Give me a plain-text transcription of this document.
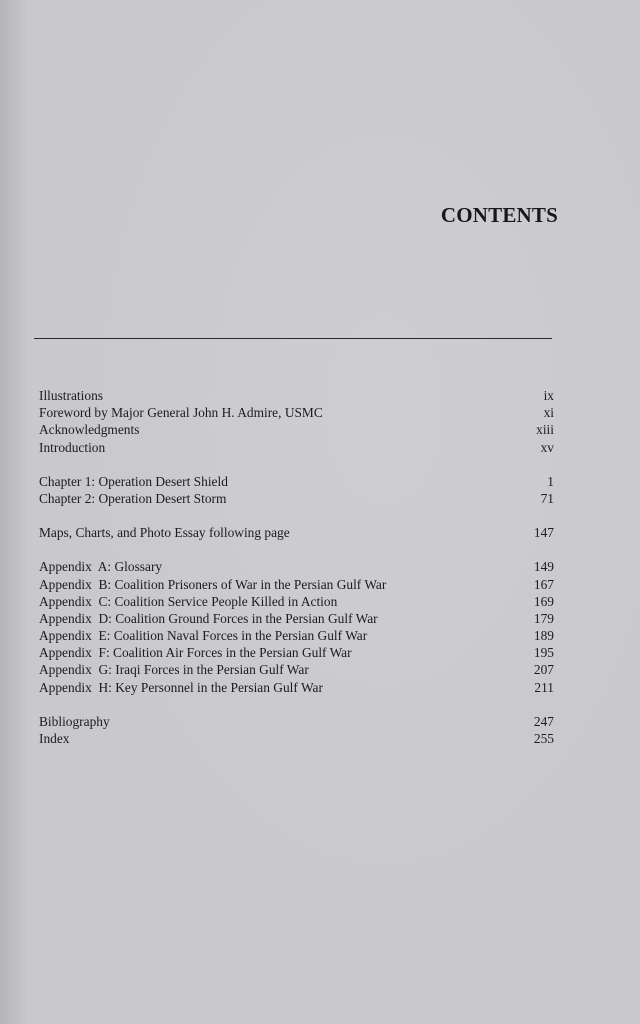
CONTENTS
Illustrations	ix
Foreword by Major General John H. Admire, USMC	xi
Acknowledgments	xiii
Introduction	xv
Chapter 1: Operation Desert Shield	1
Chapter 2: Operation Desert Storm	71
Maps, Charts, and Photo Essay following page	147
Appendix  A: Glossary	149
Appendix  B: Coalition Prisoners of War in the Persian Gulf War	167
Appendix  C: Coalition Service People Killed in Action	169
Appendix  D: Coalition Ground Forces in the Persian Gulf War	179
Appendix  E: Coalition Naval Forces in the Persian Gulf War	189
Appendix  F: Coalition Air Forces in the Persian Gulf War	195
Appendix  G: Iraqi Forces in the Persian Gulf War	207
Appendix  H: Key Personnel in the Persian Gulf War	211
Bibliography	247
Index	255
